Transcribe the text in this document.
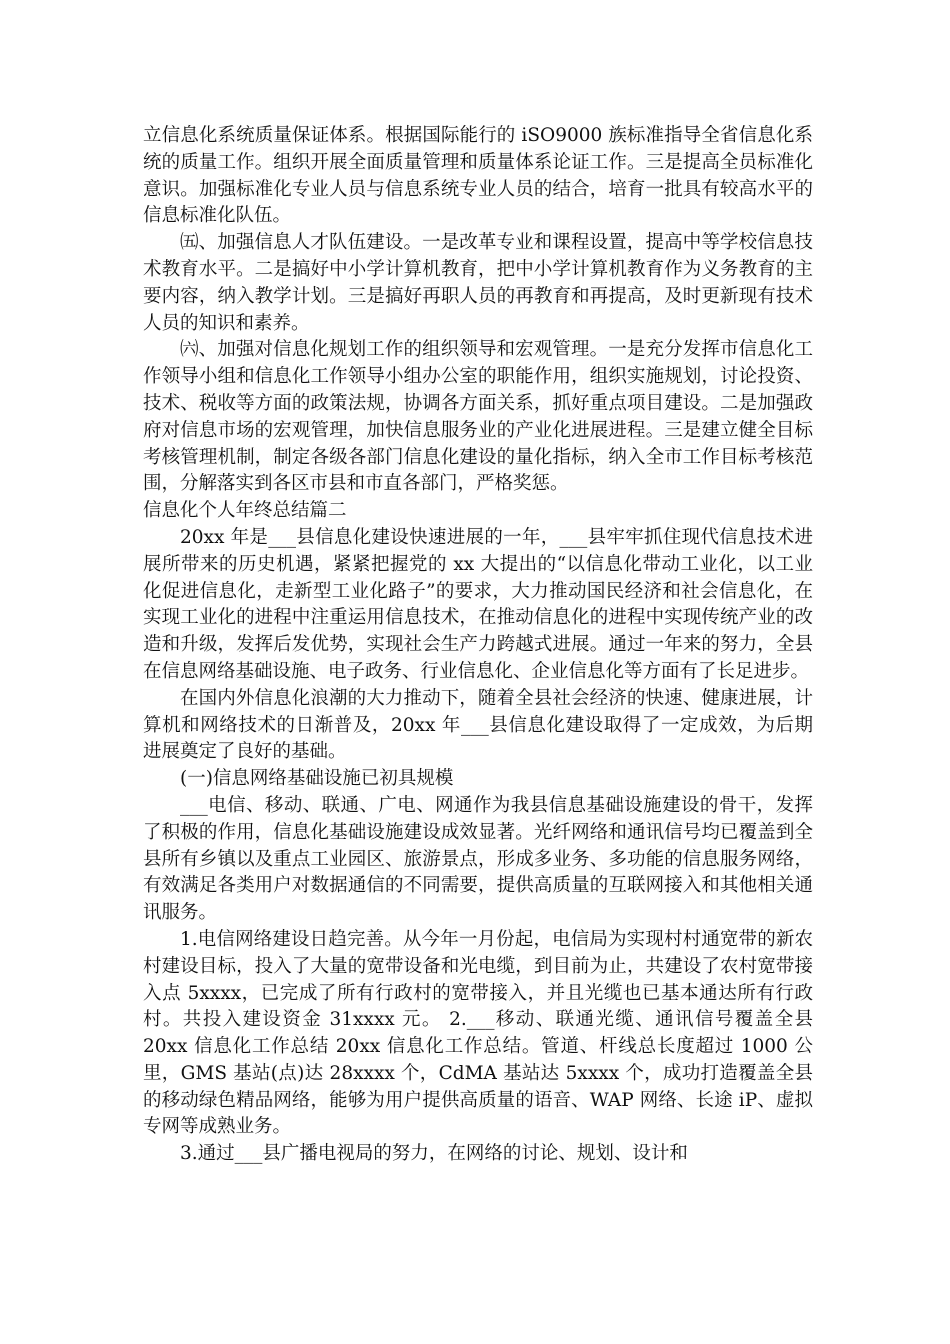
立信息化系统质量保证体系。根据国际能行的 iSO9000 族标准指导全省信息化系统的质量工作。组织开展全面质量管理和质量体系论证工作。三是提高全员标准化意识。加强标准化专业人员与信息系统专业人员的结合，培育一批具有较高水平的信息标准化队伍。

㈤、加强信息人才队伍建设。一是改革专业和课程设置，提高中等学校信息技术教育水平。二是搞好中小学计算机教育，把中小学计算机教育作为义务教育的主要内容，纳入教学计划。三是搞好再职人员的再教育和再提高，及时更新现有技术人员的知识和素养。

㈥、加强对信息化规划工作的组织领导和宏观管理。一是充分发挥市信息化工作领导小组和信息化工作领导小组办公室的职能作用，组织实施规划，讨论投资、技术、税收等方面的政策法规，协调各方面关系，抓好重点项目建设。二是加强政府对信息市场的宏观管理，加快信息服务业的产业化进展进程。三是建立健全目标考核管理机制，制定各级各部门信息化建设的量化指标，纳入全市工作目标考核范围，分解落实到各区市县和市直各部门，严格奖惩。

信息化个人年终总结篇二

20xx 年是___县信息化建设快速进展的一年，___县牢牢抓住现代信息技术进展所带来的历史机遇，紧紧把握党的 xx 大提出的“以信息化带动工业化，以工业化促进信息化，走新型工业化路子”的要求，大力推动国民经济和社会信息化，在实现工业化的进程中注重运用信息技术，在推动信息化的进程中实现传统产业的改造和升级，发挥后发优势，实现社会生产力跨越式进展。通过一年来的努力，全县在信息网络基础设施、电子政务、行业信息化、企业信息化等方面有了长足进步。

在国内外信息化浪潮的大力推动下，随着全县社会经济的快速、健康进展，计算机和网络技术的日渐普及，20xx 年___县信息化建设取得了一定成效，为后期进展奠定了良好的基础。

(一)信息网络基础设施已初具规模

___电信、移动、联通、广电、网通作为我县信息基础设施建设的骨干，发挥了积极的作用，信息化基础设施建设成效显著。光纤网络和通讯信号均已覆盖到全县所有乡镇以及重点工业园区、旅游景点，形成多业务、多功能的信息服务网络，有效满足各类用户对数据通信的不同需要，提供高质量的互联网接入和其他相关通讯服务。

1.电信网络建设日趋完善。从今年一月份起，电信局为实现村村通宽带的新农村建设目标，投入了大量的宽带设备和光电缆，到目前为止，共建设了农村宽带接入点 5xxxx，已完成了所有行政村的宽带接入，并且光缆也已基本通达所有行政村。共投入建设资金 31xxxx 元。 2.___移动、联通光缆、通讯信号覆盖全县 20xx 信息化工作总结 20xx 信息化工作总结。管道、杆线总长度超过 1000 公里，GMS 基站(点)达 28xxxx 个，CdMA 基站达 5xxxx 个，成功打造覆盖全县的移动绿色精品网络，能够为用户提供高质量的语音、WAP 网络、长途 iP、虚拟专网等成熟业务。

3.通过___县广播电视局的努力，在网络的讨论、规划、设计和
